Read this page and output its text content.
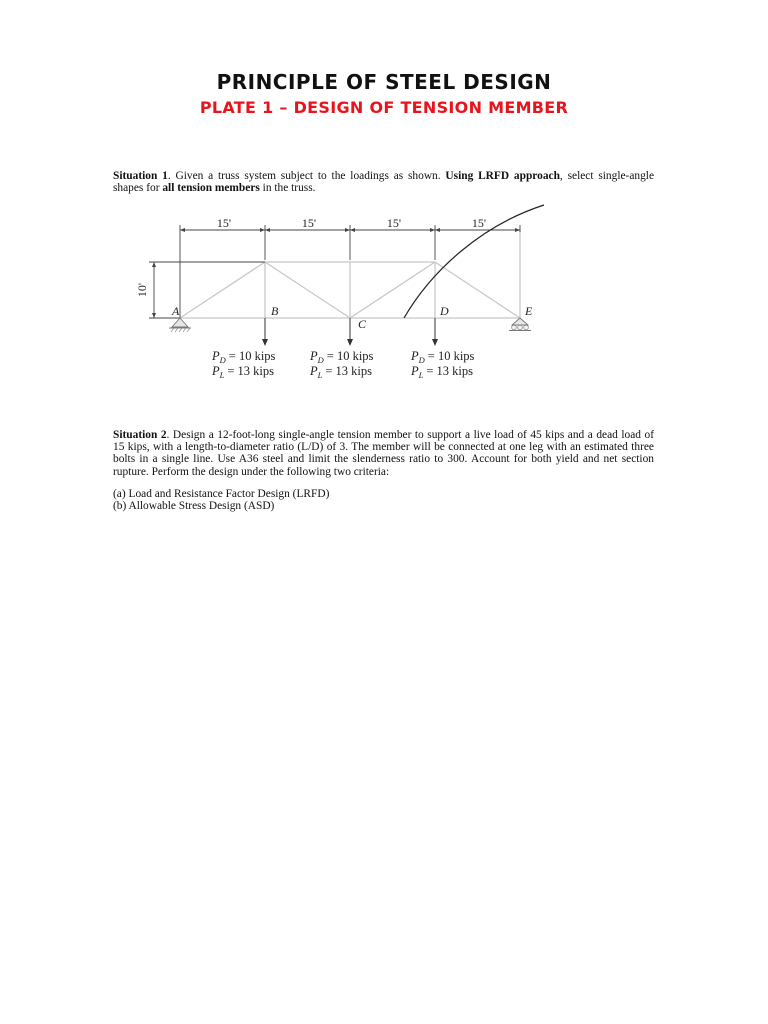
PRINCIPLE OF STEEL DESIGN
PLATE 1 – DESIGN OF TENSION MEMBER

Situation 1. Given a truss system subject to the loadings as shown. Using LRFD approach, select single-angle shapes for all tension members in the truss.

15'	15'	15'	15'
10'
A	B
C
D	E
$P_D = 10$ kips
$P_L = 13$ kips
$P_D = 10$ kips
$P_L = 13$ kips
$P_D = 10$ kips
$P_L = 13$ kips

Situation 2. Design a 12-foot-long single-angle tension member to support a live load of 45 kips and a dead load of 15 kips, with a length-to-diameter ratio (L/D) of 3. The member will be connected at one leg with an estimated three bolts in a single line. Use A36 steel and limit the slenderness ratio to 300. Account for both yield and net section rupture. Perform the design under the following two criteria:

(a) Load and Resistance Factor Design (LRFD)
(b) Allowable Stress Design (ASD)
